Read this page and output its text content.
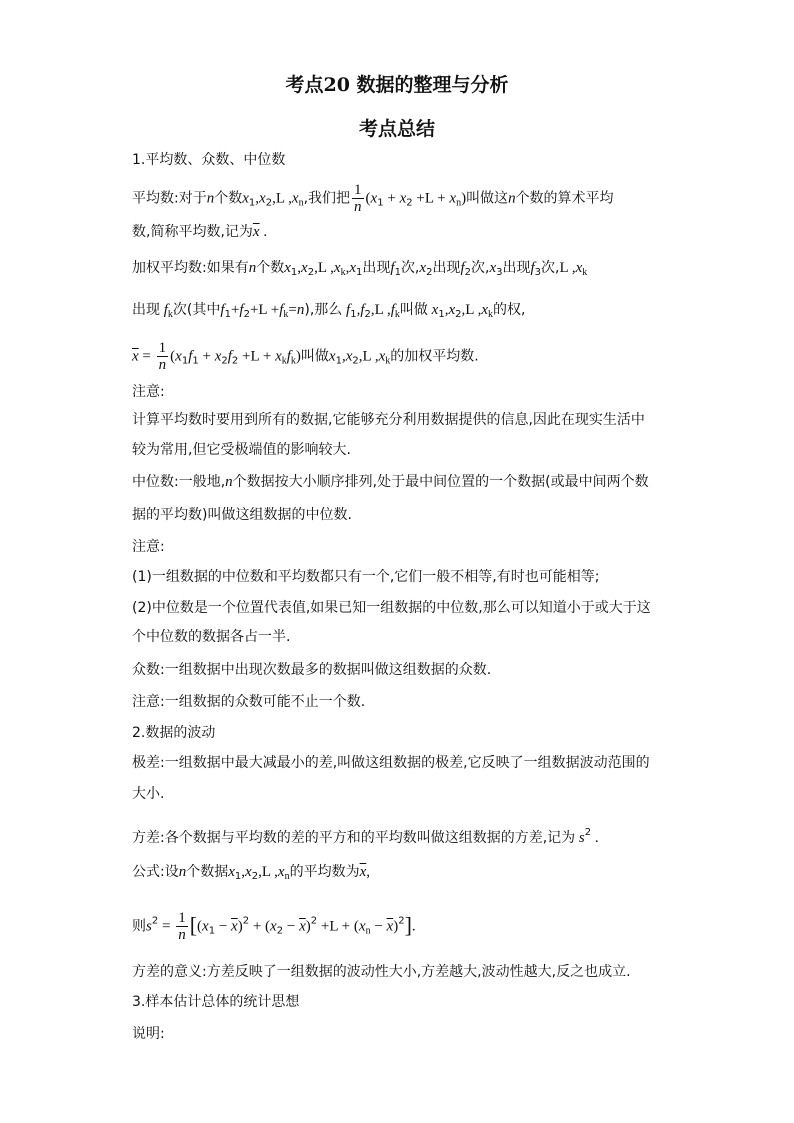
考点20 数据的整理与分析
考点总结
1.平均数、众数、中位数
平均数:对于n个数$x_1,x_2,L$ $,x_n$,我们把 $\frac{1}{n} (x_1 + x_2 +L + x_n)$叫做这n个数的算术平均
数,简称平均数,记为$\overline{x}$ .
加权平均数:如果有n个数$x_1,x_2,L$ $,x_k,x_1$出现$f_1$次$,x_2$出现$f_2$次$,x_3$出现$f_3$次,L $,x_k$
出现 $f_k$次(其中$f_1+f_2+L +f_k=n$),那么 $f_1,f_2,L$ $,f_k$叫做 $x_1,x_2,L$ $,x_k$的权,
$\overline{x} = \frac{1}{n} (x_1f_1 + x_2f_2 +L + x_kf_k)$叫做$x_1,x_2,L$ $,x_k$的加权平均数.
注意:
计算平均数时要用到所有的数据,它能够充分利用数据提供的信息,因此在现实生活中
较为常用,但它受极端值的影响较大.
中位数:一般地,n个数据按大小顺序排列,处于最中间位置的一个数据(或最中间两个数
据的平均数)叫做这组数据的中位数.
注意:
(1)一组数据的中位数和平均数都只有一个,它们一般不相等,有时也可能相等;
(2)中位数是一个位置代表值,如果已知一组数据的中位数,那么可以知道小于或大于这
个中位数的数据各占一半.
众数:一组数据中出现次数最多的数据叫做这组数据的众数.
注意:一组数据的众数可能不止一个数.
2.数据的波动
极差:一组数据中最大减最小的差,叫做这组数据的极差,它反映了一组数据波动范围的
大小.
方差:各个数据与平均数的差的平方和的平均数叫做这组数据的方差,记为 $s^2$ .
公式:设n个数据$x_1,x_2,L$ $,x_n$的平均数为$\overline{x}$,
则$s^2 = \frac{1}{n} [(x_1 - \overline{x})^2 + (x_2 - \overline{x})^2 +L + (x_n - \overline{x})^2]$.
方差的意义:方差反映了一组数据的波动性大小,方差越大,波动性越大,反之也成立.
3.样本估计总体的统计思想
说明:
